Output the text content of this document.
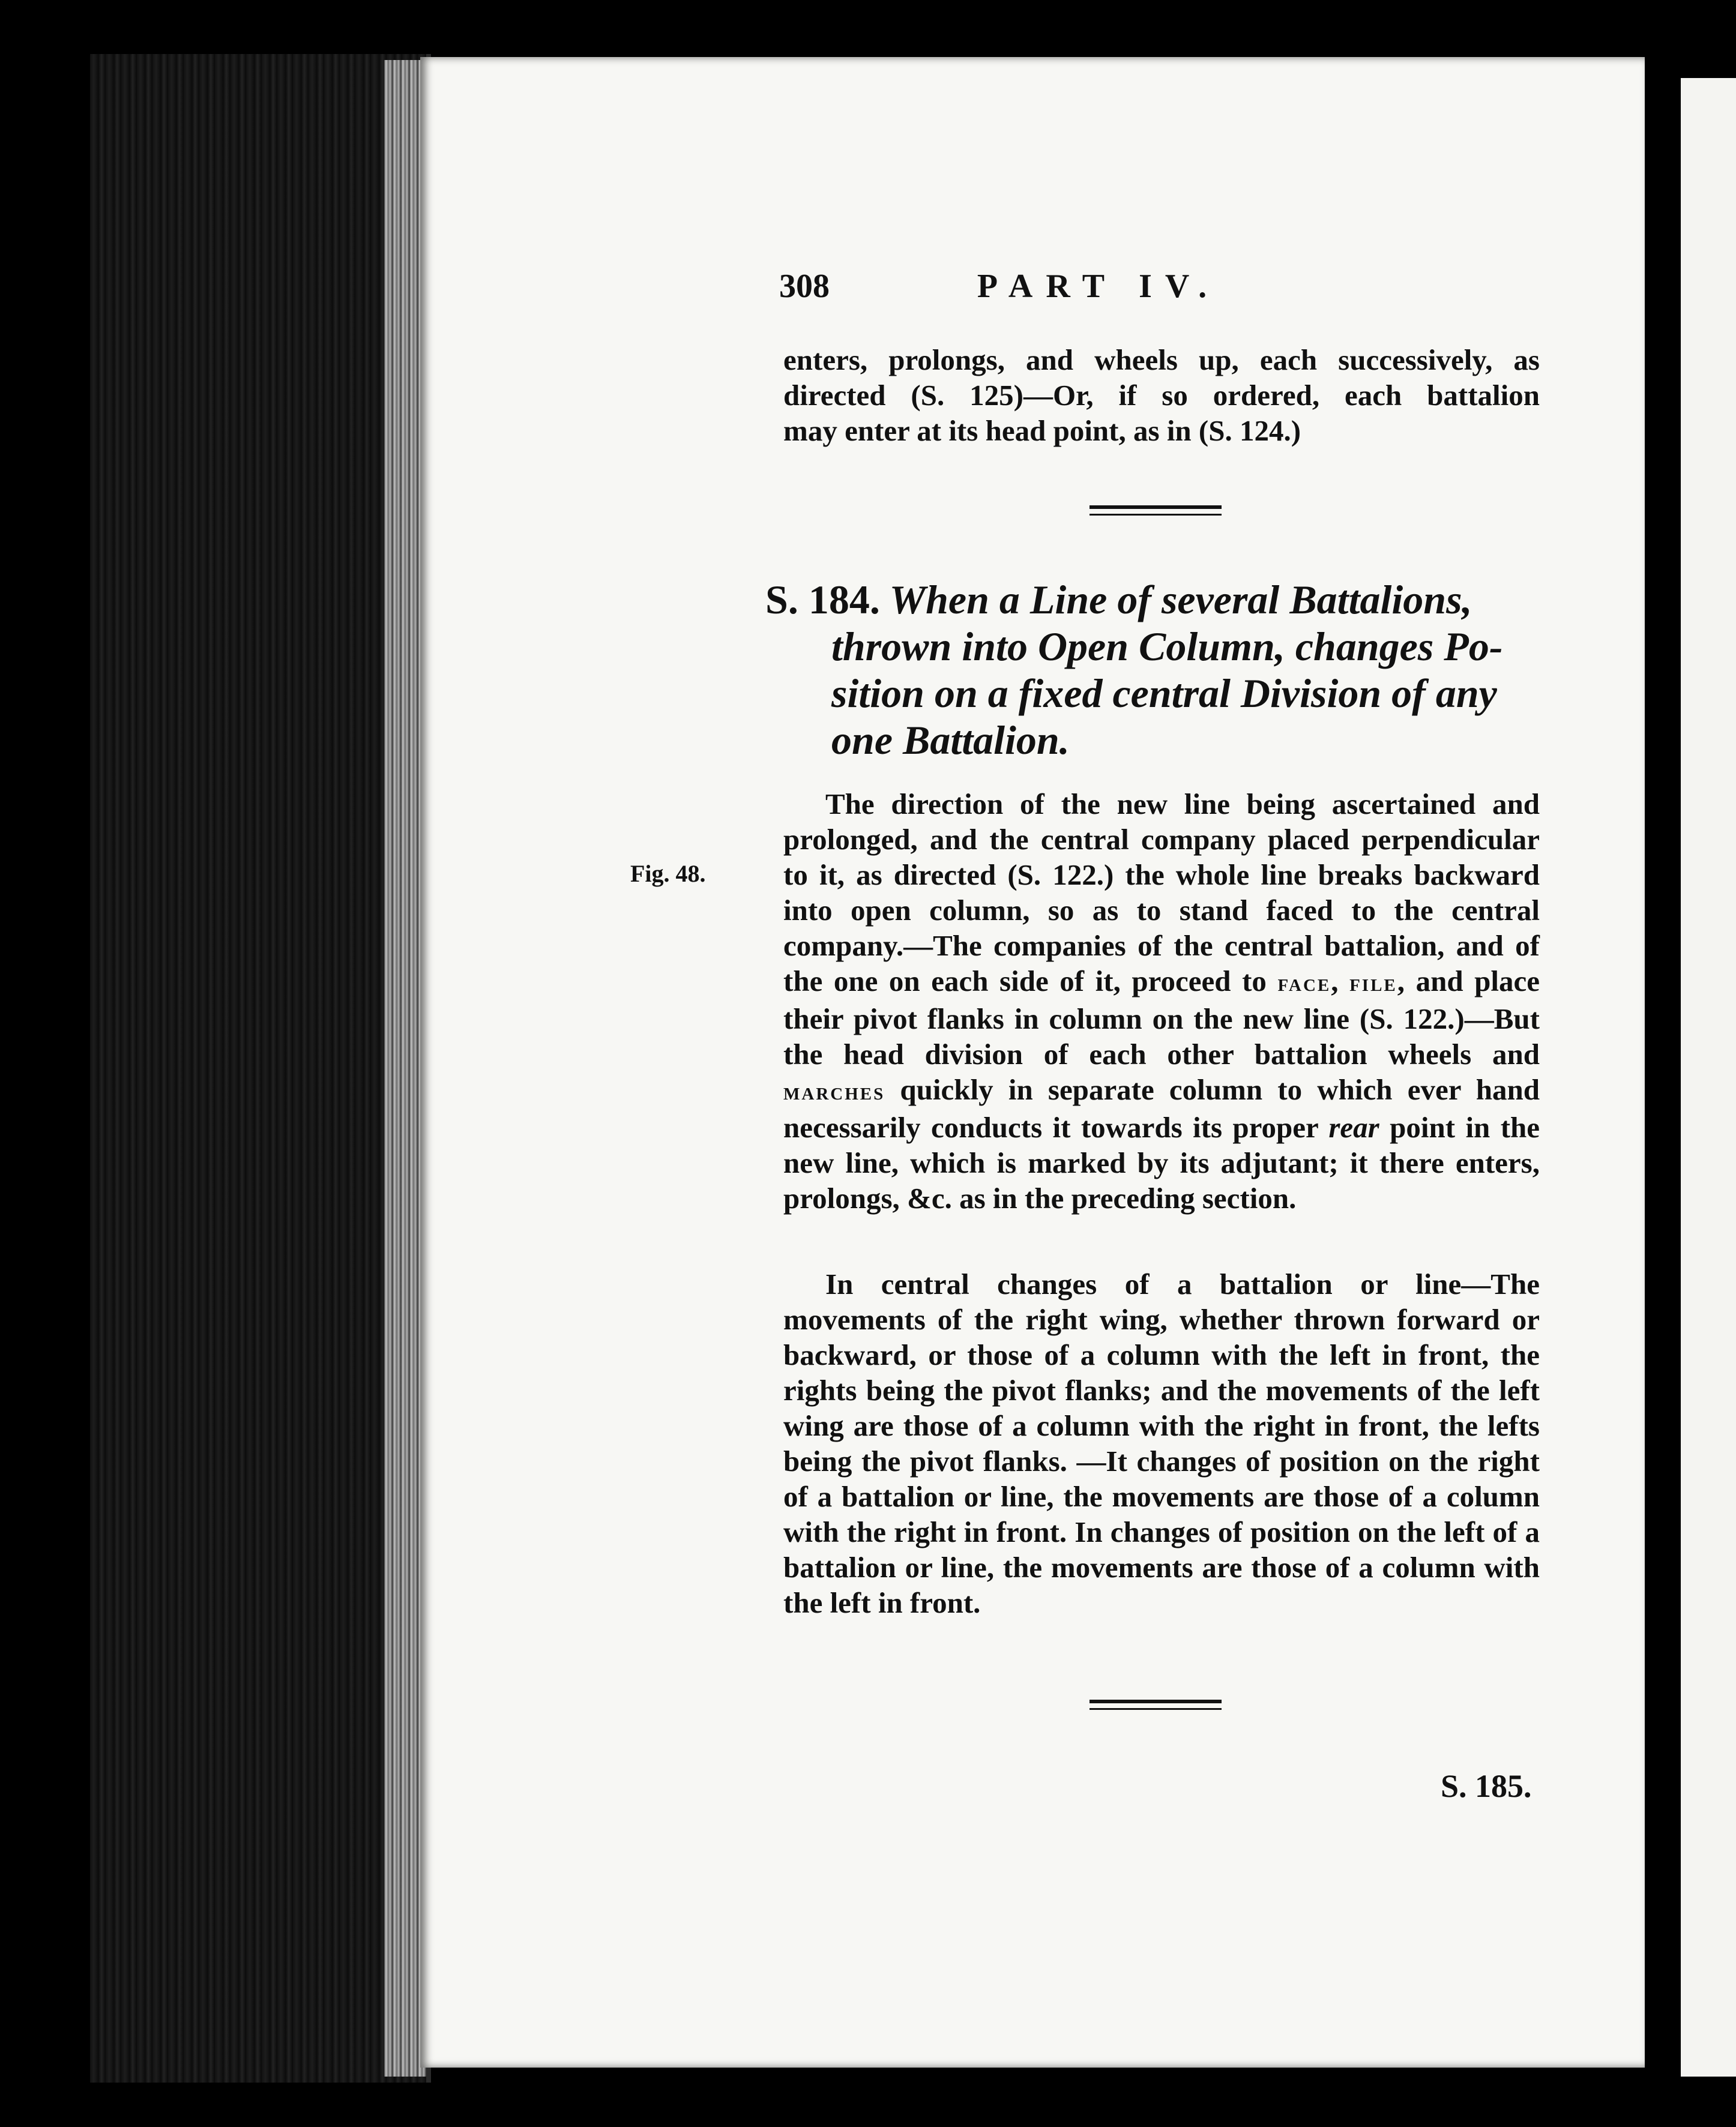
308	PART IV.
enters, prolongs, and wheels up, each successively, as
directed (S. 125)—Or, if so ordered, each battalion
may enter at its head point, as in (S. 124.)
S. 184. When a Line of several Battalions,
thrown into Open Column, changes Po-
sition on a fixed central Division of any
one Battalion.
Fig. 48.

The direction of the new line being ascertained and prolonged, and the central company placed perpendicular to it, as directed (S. 122.) the whole line breaks backward into open column, so as to stand faced to the central company.—The companies of the central battalion, and of the one on each side of it, proceed to face, file, and place their pivot flanks in column on the new line (S. 122.)—But the head division of each other battalion wheels and marches quickly in separate column to which ever hand necessarily conducts it towards its proper rear point in the new line, which is marked by its adjutant; it there enters, prolongs, &c. as in the preceding section.

In central changes of a battalion or line—The movements of the right wing, whether thrown forward or backward, or those of a column with the left in front, the rights being the pivot flanks; and the movements of the left wing are those of a column with the right in front, the lefts being the pivot flanks. —It changes of position on the right of a battalion or line, the movements are those of a column with the right in front. In changes of position on the left of a battalion or line, the movements are those of a column with the left in front.

S. 185.
